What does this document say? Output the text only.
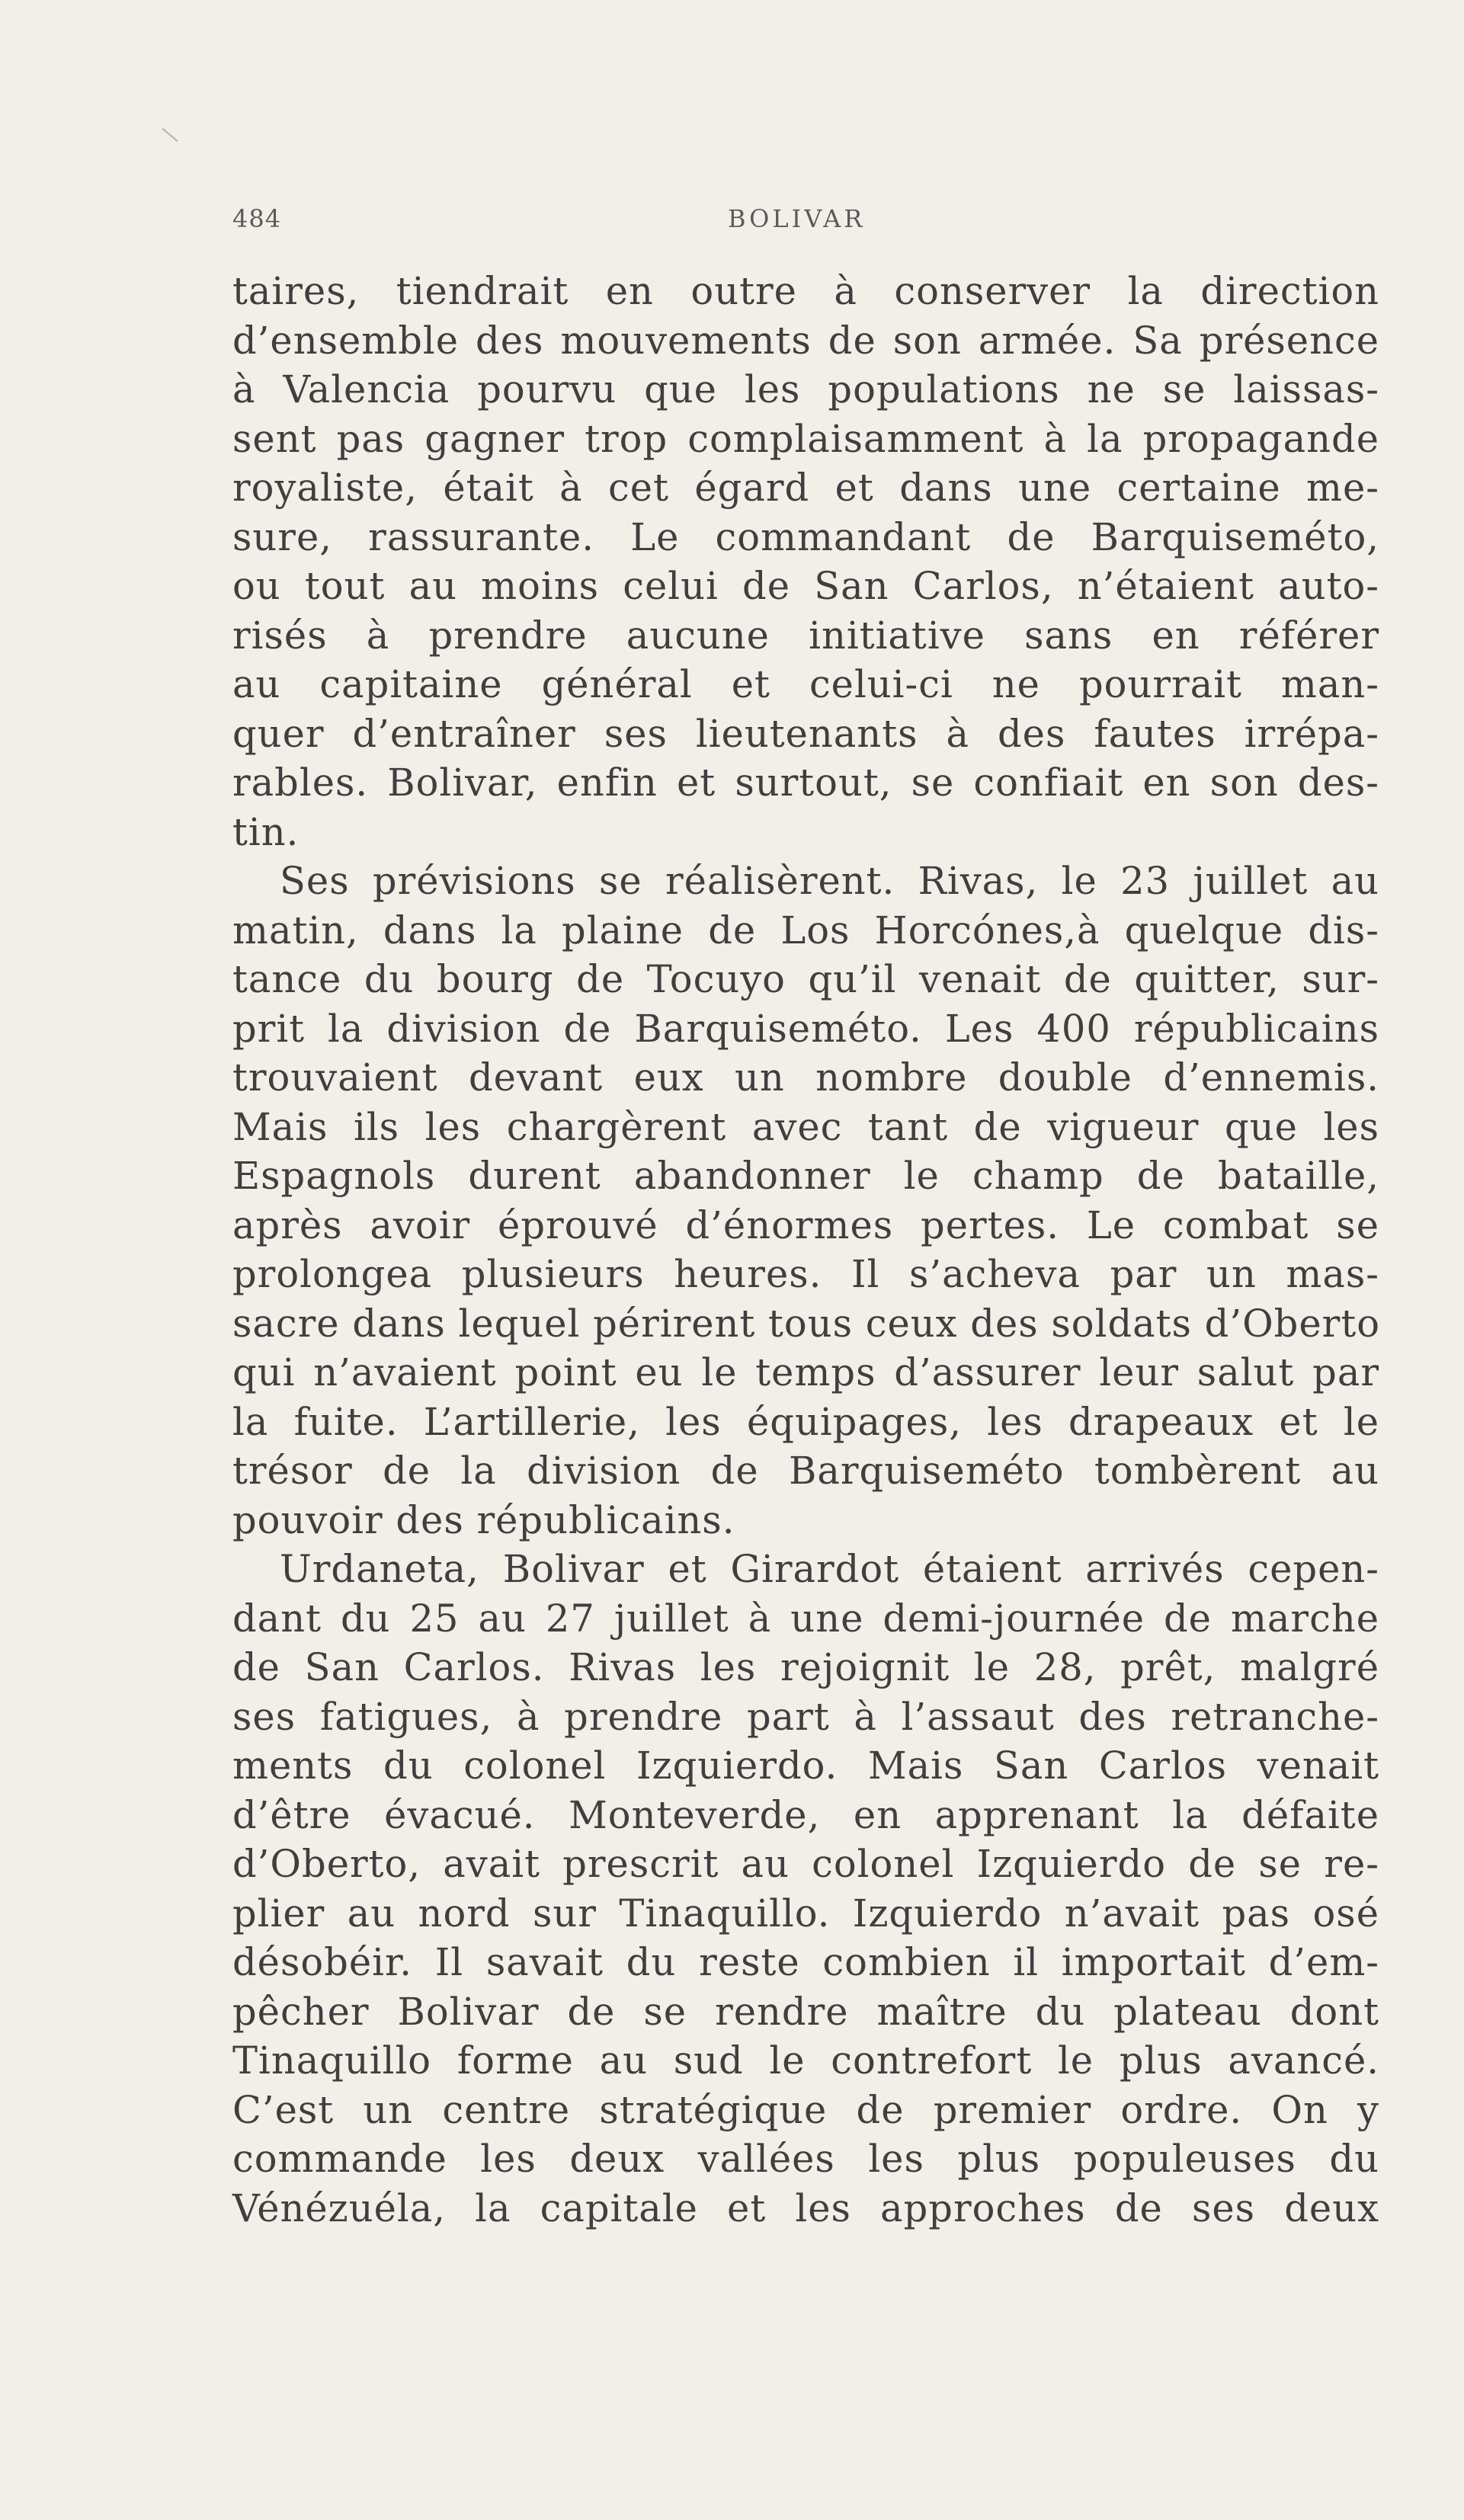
484	BOLIVAR
taires, tiendrait en outre à conserver la direction
d’ensemble des mouvements de son armée. Sa présence
à Valencia pourvu que les populations ne se laissas-
sent pas gagner trop complaisamment à la propagande
royaliste, était à cet égard et dans une certaine me-
sure, rassurante. Le commandant de Barquiseméto,
ou tout au moins celui de San Carlos, n’étaient auto-
risés à prendre aucune initiative sans en référer
au capitaine général et celui-ci ne pourrait man-
quer d’entraîner ses lieutenants à des fautes irrépa-
rables. Bolivar, enfin et surtout, se confiait en son des-
tin.
Ses prévisions se réalisèrent. Rivas, le 23 juillet au
matin, dans la plaine de Los Horcónes,à quelque dis-
tance du bourg de Tocuyo qu’il venait de quitter, sur-
prit la division de Barquiseméto. Les 400 républicains
trouvaient devant eux un nombre double d’ennemis.
Mais ils les chargèrent avec tant de vigueur que les
Espagnols durent abandonner le champ de bataille,
après avoir éprouvé d’énormes pertes. Le combat se
prolongea plusieurs heures. Il s’acheva par un mas-
sacre dans lequel périrent tous ceux des soldats d’Oberto
qui n’avaient point eu le temps d’assurer leur salut par
la fuite. L’artillerie, les équipages, les drapeaux et le
trésor de la division de Barquiseméto tombèrent au
pouvoir des républicains.
Urdaneta, Bolivar et Girardot étaient arrivés cepen-
dant du 25 au 27 juillet à une demi-journée de marche
de San Carlos. Rivas les rejoignit le 28, prêt, malgré
ses fatigues, à prendre part à l’assaut des retranche-
ments du colonel Izquierdo. Mais San Carlos venait
d’être évacué. Monteverde, en apprenant la défaite
d’Oberto, avait prescrit au colonel Izquierdo de se re-
plier au nord sur Tinaquillo. Izquierdo n’avait pas osé
désobéir. Il savait du reste combien il importait d’em-
pêcher Bolivar de se rendre maître du plateau dont
Tinaquillo forme au sud le contrefort le plus avancé.
C’est un centre stratégique de premier ordre. On y
commande les deux vallées les plus populeuses du
Vénézuéla, la capitale et les approches de ses deux
